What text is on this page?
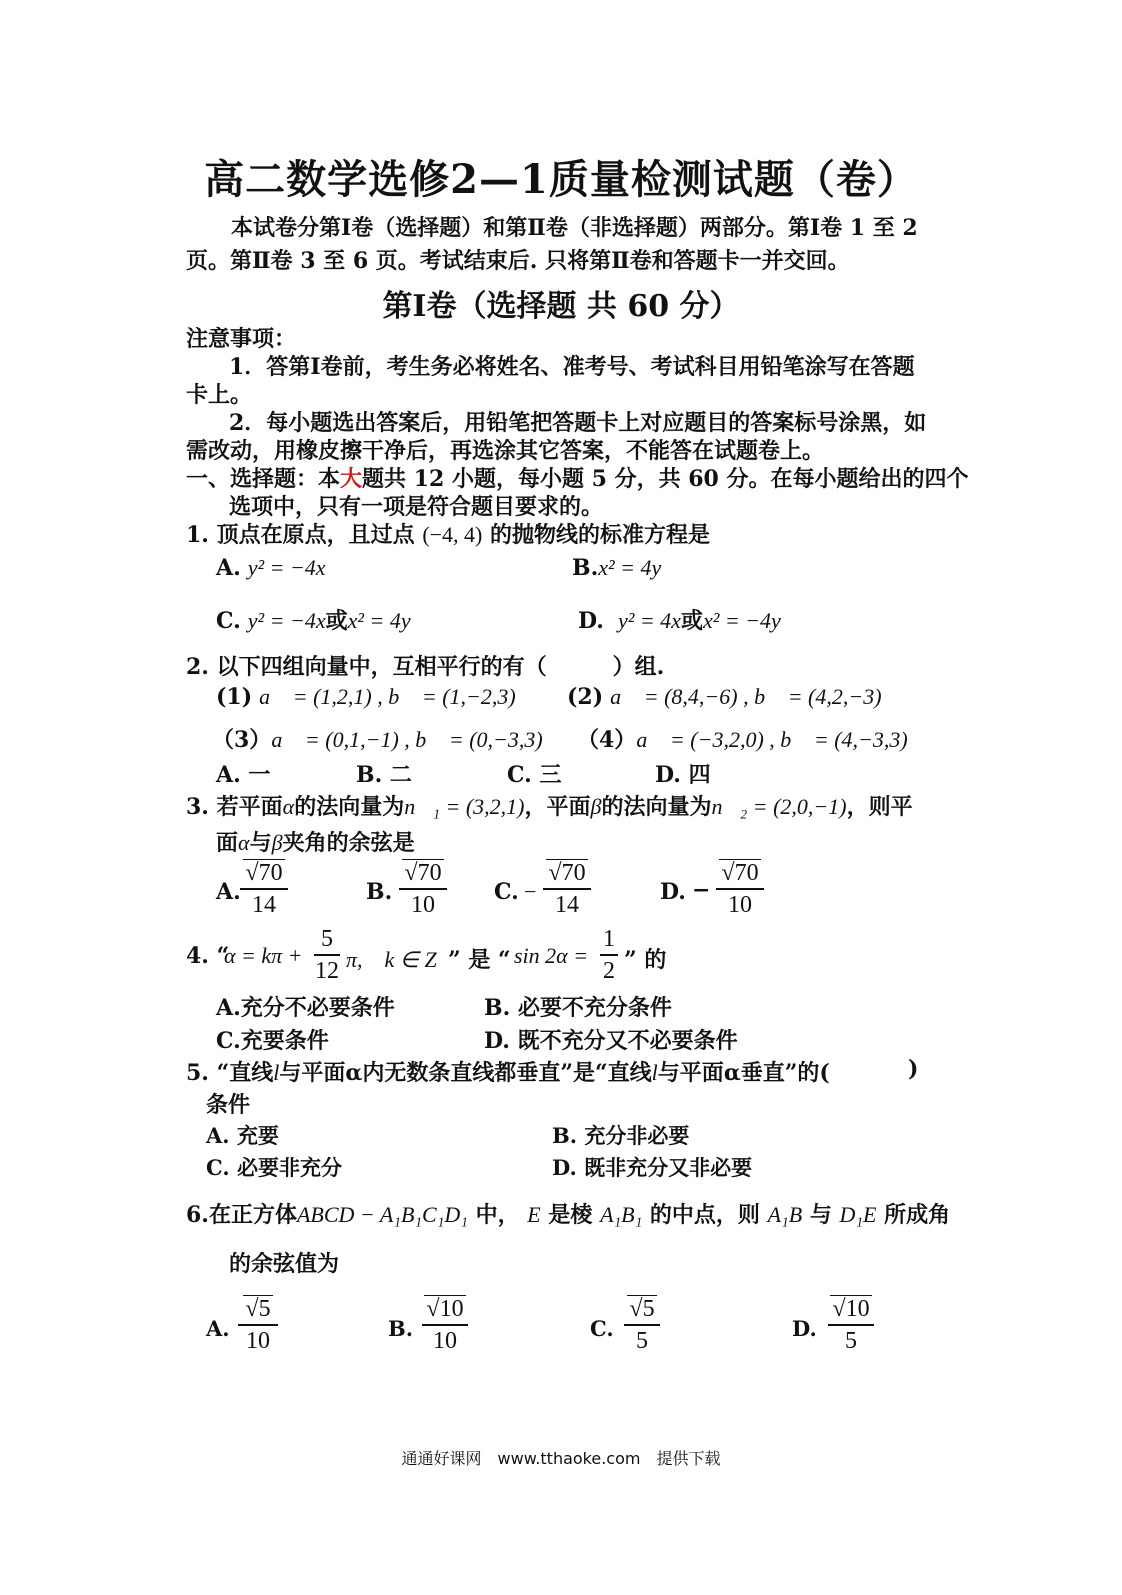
高二数学选修2—1质量检测试题（卷）
本试卷分第Ⅰ卷（选择题）和第Ⅱ卷（非选择题）两部分。第Ⅰ卷 1 至 2
页。第Ⅱ卷 3 至 6 页。考试结束后. 只将第Ⅱ卷和答题卡一并交回。
第Ⅰ卷（选择题 共 60 分）
注意事项：
1．答第Ⅰ卷前，考生务必将姓名、准考号、考试科目用铅笔涂写在答题
卡上。
2．每小题选出答案后，用铅笔把答题卡上对应题目的答案标号涂黑，如
需改动，用橡皮擦干净后，再选涂其它答案，不能答在试题卷上。
一、选择题：本大题共 12 小题，每小题 5 分，共 60 分。在每小题给出的四个
选项中，只有一项是符合题目要求的。
1. 顶点在原点，且过点 (−4, 4) 的抛物线的标准方程是
A. y² = −4x	B.x² = 4y
C. y² = −4x或x² = 4y	D. y² = 4x或x² = −4y
2. 以下四组向量中，互相平行的有（　　　）组.
(1) a⃗ = (1,2,1) , b⃗ = (1,−2,3)； (2) a⃗ = (8,4,−6) , b⃗ = (4,2,−3)；
（3）a⃗ = (0,1,−1) , b⃗ = (0,−3,3)； （4）a⃗ = (−3,2,0) , b⃗ = (4,−3,3)
A. 一	B. 二	C. 三	D. 四
3. 若平面α的法向量为n⃗₁ = (3,2,1)，平面β的法向量为n⃗₂ = (2,0,−1)，则平
面α与β夹角的余弦是
A.
√70
14	B.
√70
10	C. −
√70
14	D. −
√70
10
4. “
α = kπ +
5
12 π,　k ∈ Z ” 是 “ sin 2α =
1
2 ” 的
A.充分不必要条件	B. 必要不充分条件
C.充要条件	D. 既不充分又不必要条件
5. “直线l与平面α内无数条直线都垂直”是“直线l与平面α垂直”的(	)
条件
A. 充要	B. 充分非必要
C. 必要非充分	D. 既非充分又非必要
6.在正方体ABCD − A₁B₁C₁D₁ 中， E 是棱 A₁B₁ 的中点，则 A₁B 与 D₁E 所成角
的余弦值为
A.
√5
10	B.
√10
10	C.
√5
5	D.
√10
5
通通好课网　www.tthaoke.com　提供下载
